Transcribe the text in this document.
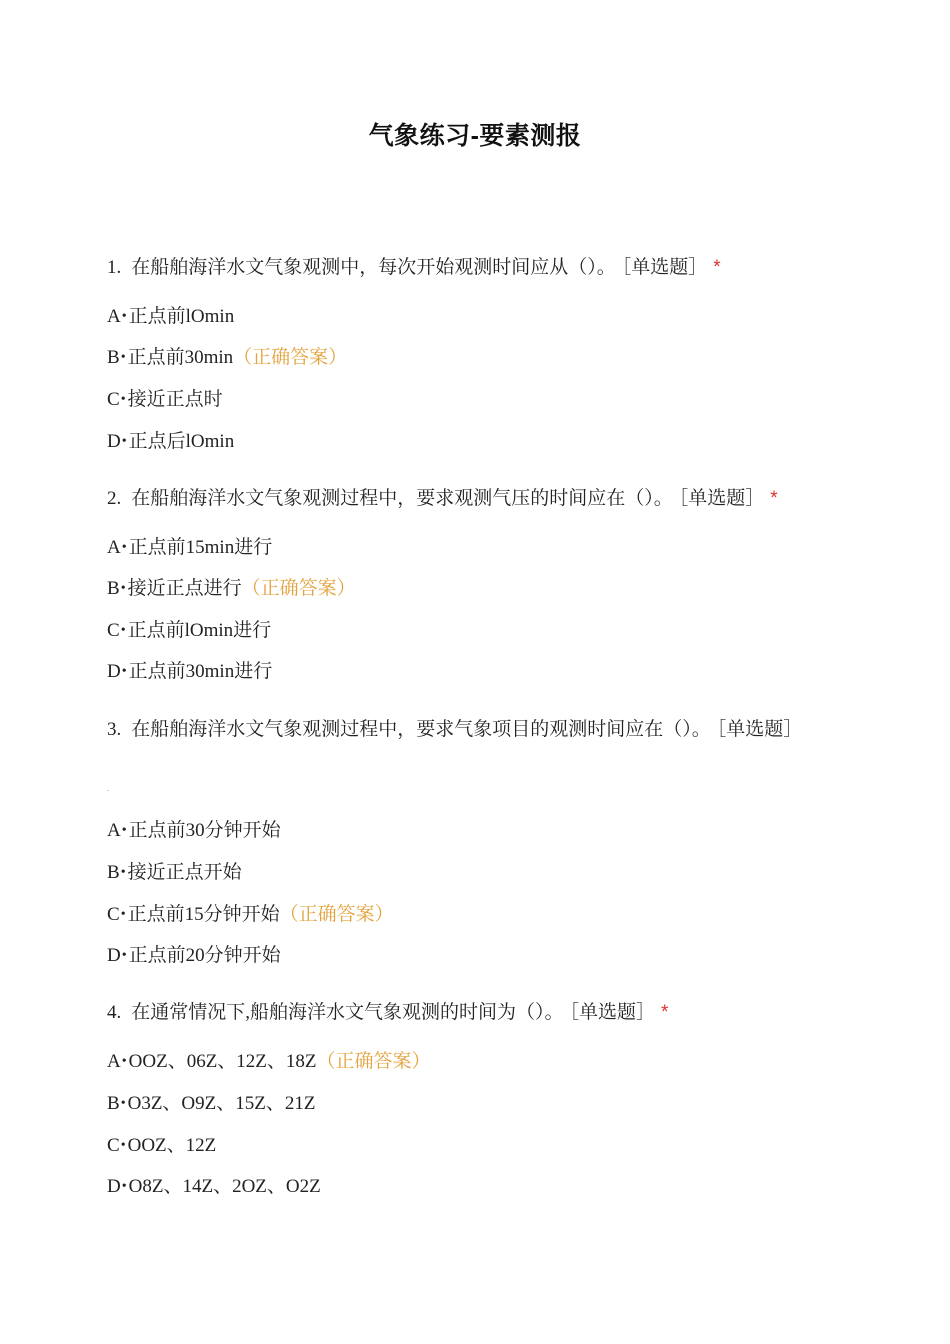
气象练习-要素测报
1. 在船舶海洋水文气象观测中，每次开始观测时间应从（）。 ［单选题］ *
A• 正点前lOmin
B• 正点前30min（正确答案）
C• 接近正点时
D• 正点后lOmin
2. 在船舶海洋水文气象观测过程中，要求观测气压的时间应在（）。 ［单选题］ *
A• 正点前15min进行
B• 接近正点进行（正确答案）
C• 正点前lOmin进行
D• 正点前30min进行
3. 在船舶海洋水文气象观测过程中，要求气象项目的观测时间应在（）。 ［单选题］
.
A• 正点前30分钟开始
B• 接近正点开始
C• 正点前15分钟开始（正确答案）
D• 正点前20分钟开始
4. 在通常情况下,船舶海洋水文气象观测的时间为（）。 ［单选题］ *
A• OOZ、06Z、12Z、18Z（正确答案）
B• O3Z、O9Z、15Z、21Z
C• OOZ、12Z
D• O8Z、14Z、2OZ、O2Z
